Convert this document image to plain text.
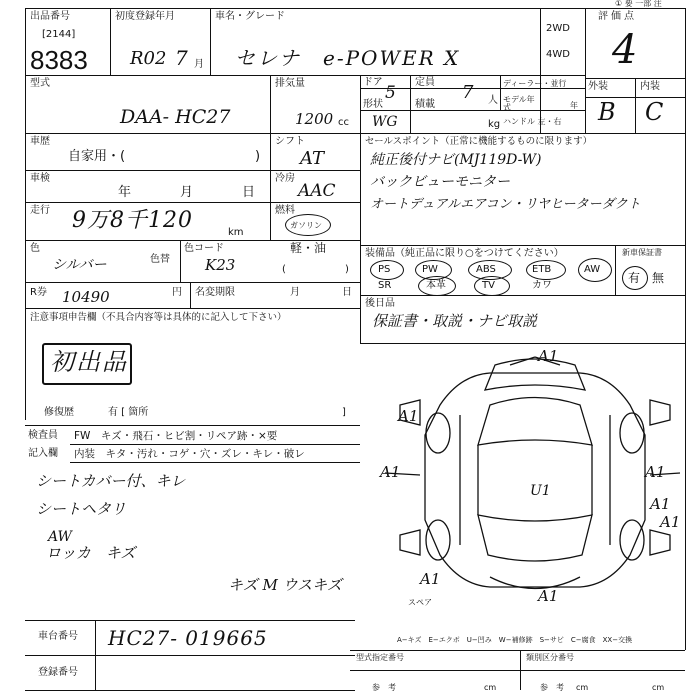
出品番号
[2144]
8383
初度登録年月
R02 7 月
車名・グレード
セレナ　e-POWER X
2WD
4WD
評価点
4
① 要 一部 注
型式
DAA- HC27
排気量
1200 cc
ドア
5
定員 7 人
ディーラー・並行
モデル年式	年
形状
WG
積載
kg ハンドル 左・右
外装	内装
B C
車歴
自家用・(	)
車検
年	月	日
シフト
AT
冷房
AAC
走行 9万8千120	km
燃料
ガソリン
軽・油
色
シルバー	色替
色コード
K23	(	)
R券 10490	円 名変期限	月	日
セールスポイント（正常に機能するものに限ります）
純正後付ナビ(MJ119D-W)
バックビューモニター
オートデュアルエアコン・リヤヒーターダクト
装備品（純正品に限り○をつけてください）	新車保証書
PS	PW	ABS	ETB	AW
SR	本革	TV	カワ
有 無
後日品
保証書・取説・ナビ取説
注意事項申告欄（不具合内容等は具体的に記入して下さい）
初出品
修復歴	有 [ 箇所	]
検査員
記入欄
FW　キズ・飛石・ヒビ割・リペア跡・×要
内装　キタ・汚れ・コゲ・穴・ズレ・キレ・破レ
シートカバー付、キレ
シートヘタリ
AW
ロッカ　キズ
キズ M ウスキズ
車台番号 HC27- 019665
登録番号
A1
A1
A1	A1
A1
A1
A1
U1
A1
スペア
A−キズ　E−エクボ　U−凹み　W−補修跡　S−サビ　C−腐食　XX−交換
型式指定番号	類別区分番号
参　考	参　考
cm	cm	cm
